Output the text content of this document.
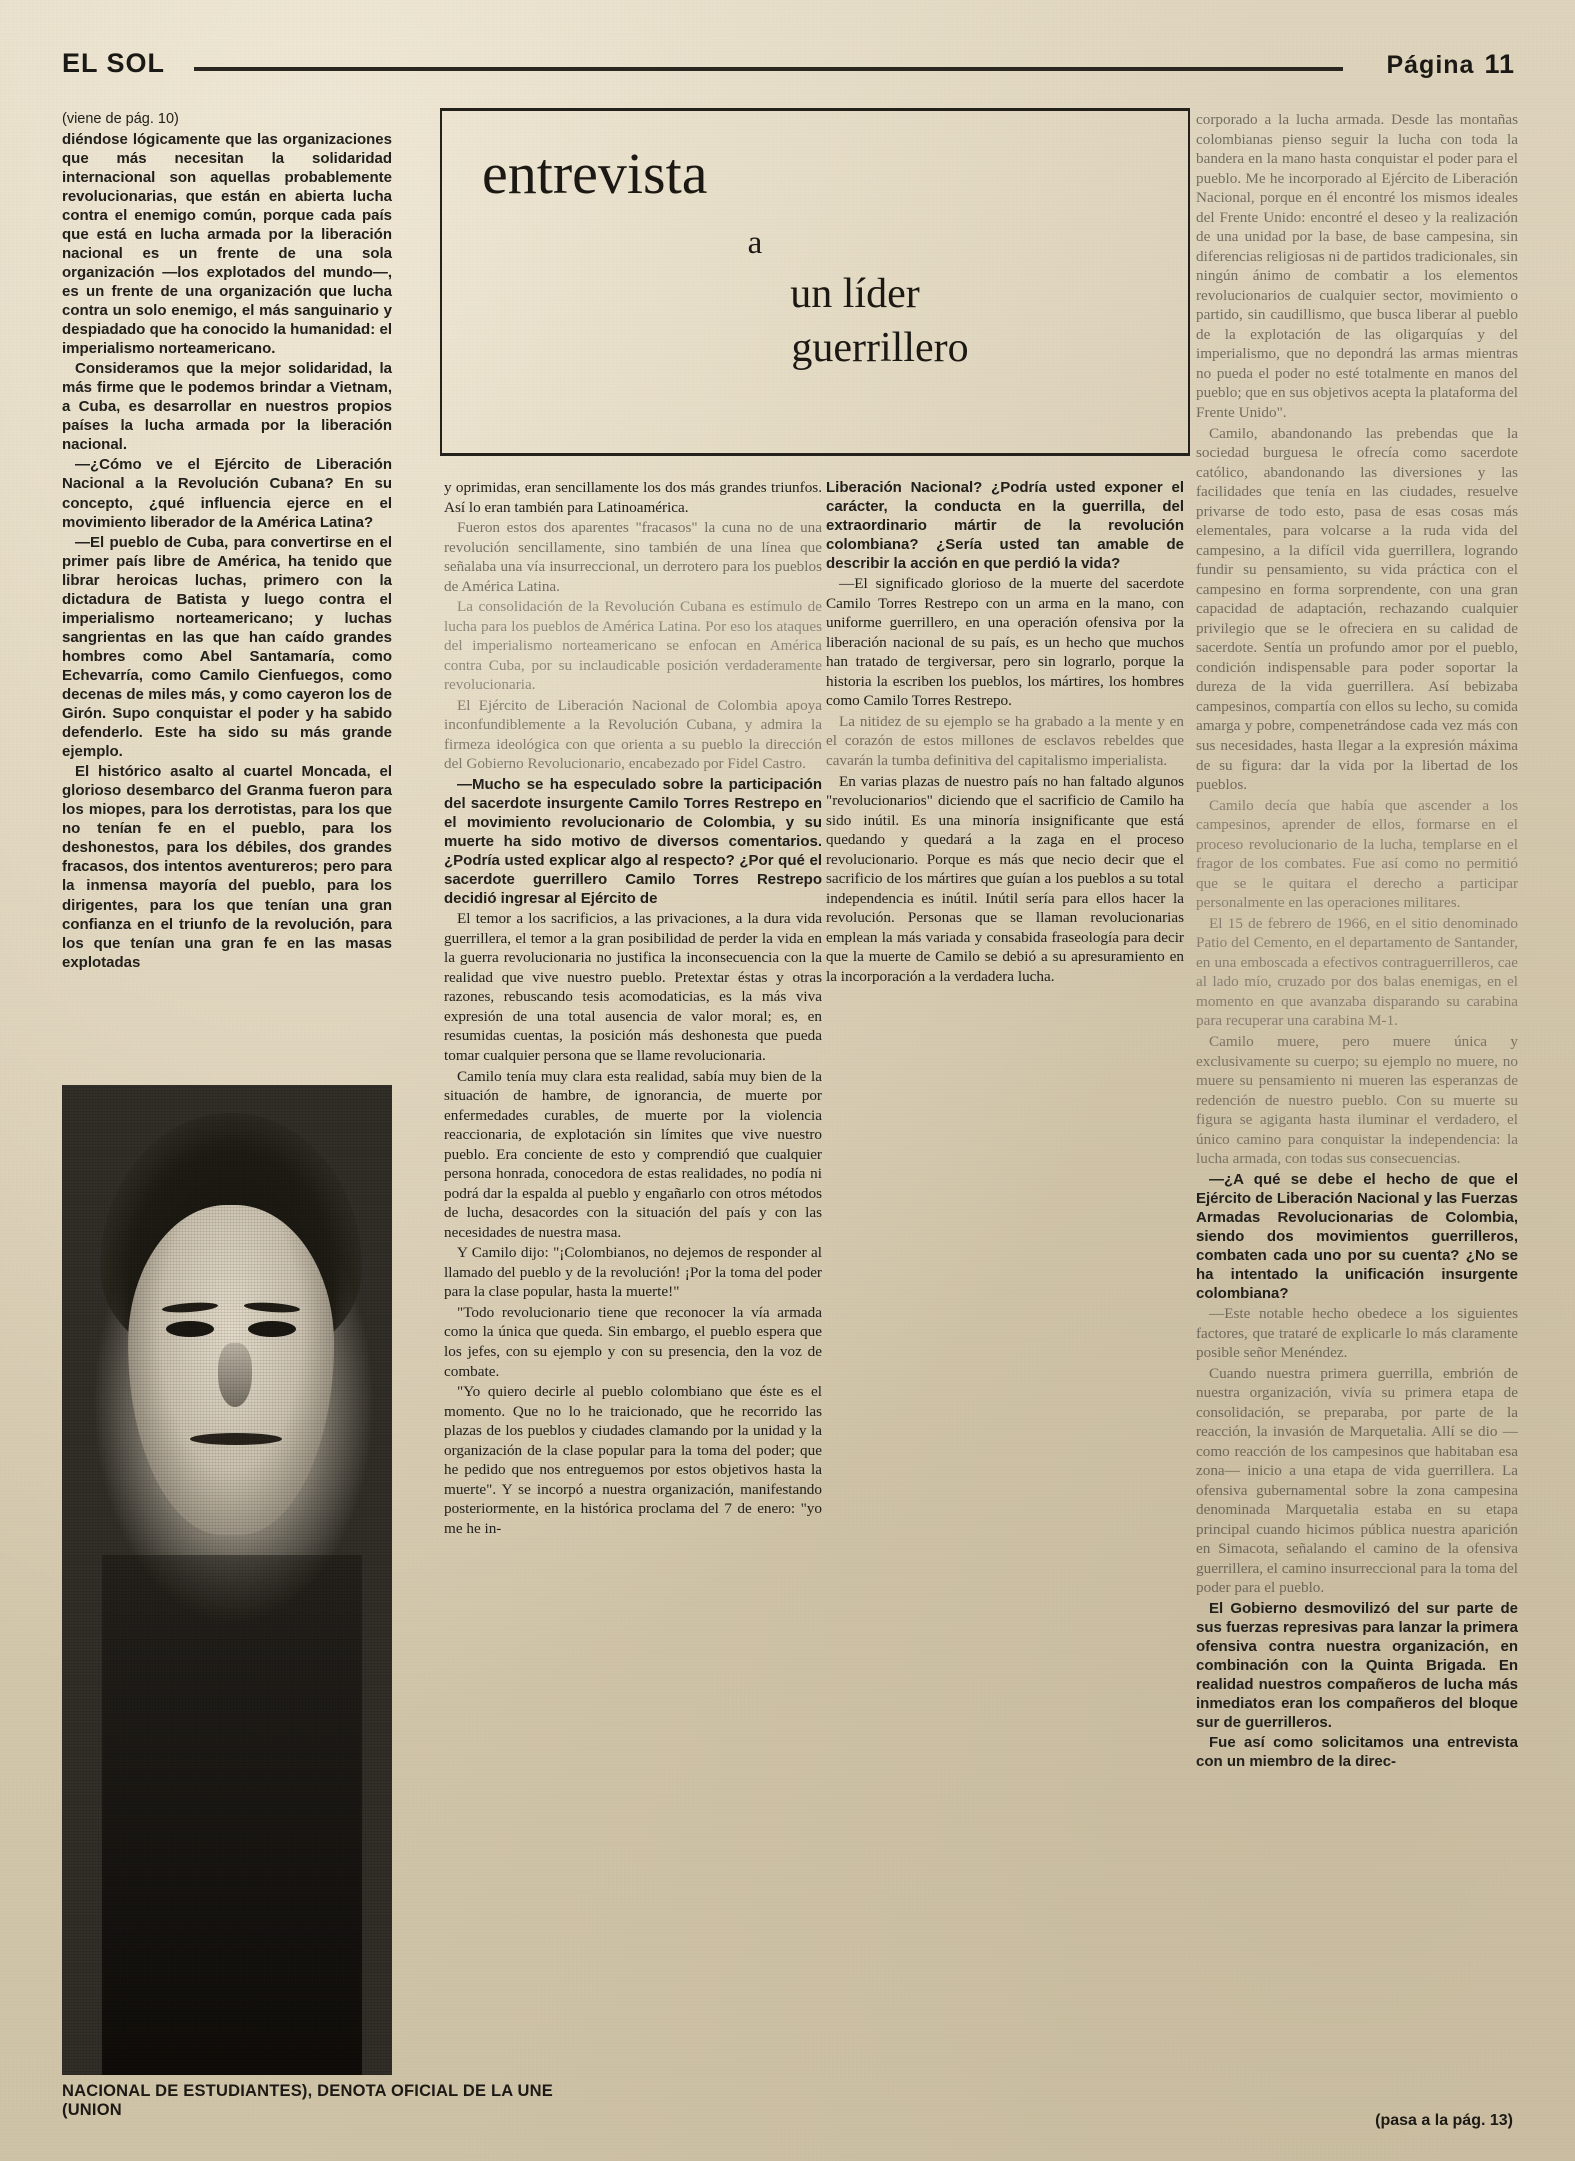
EL SOL	Página 11
entrevista
a
un líder
guerrillero

(viene de pág. 10)

diéndose lógicamente que las organizaciones que más necesitan la solidaridad internacional son aquellas probablemente revolucionarias, que están en abierta lucha contra el enemigo común, porque cada país que está en lucha armada por la liberación nacional es un frente de una sola organización —los explotados del mundo—, es un frente de una organización que lucha contra un solo enemigo, el más sanguinario y despiadado que ha conocido la humanidad: el imperialismo norteamericano.

Consideramos que la mejor solidaridad, la más firme que le podemos brindar a Vietnam, a Cuba, es desarrollar en nuestros propios países la lucha armada por la liberación nacional.

—¿Cómo ve el Ejército de Liberación Nacional a la Revolución Cubana? En su concepto, ¿qué influencia ejerce en el movimiento liberador de la América Latina?

—El pueblo de Cuba, para convertirse en el primer país libre de América, ha tenido que librar heroicas luchas, primero con la dictadura de Batista y luego contra el imperialismo norteamericano; y luchas sangrientas en las que han caído grandes hombres como Abel Santamaría, como Echevarría, como Camilo Cienfuegos, como decenas de miles más, y como cayeron los de Girón. Supo conquistar el poder y ha sabido defenderlo. Este ha sido su más grande ejemplo.

El histórico asalto al cuartel Moncada, el glorioso desembarco del Granma fueron para los miopes, para los derrotistas, para los que no tenían fe en el pueblo, para los deshonestos, para los débiles, dos grandes fracasos, dos intentos aventureros; pero para la inmensa mayoría del pueblo, para los dirigentes, para los que tenían una gran confianza en el triunfo de la revolución, para los que tenían una gran fe en las masas explotadas

y oprimidas, eran sencillamente los dos más grandes triunfos. Así lo eran también para Latinoamérica.

Fueron estos dos aparentes "fracasos" la cuna no de una revolución sencillamente, sino también de una línea que señalaba una vía insurreccional, un derrotero para los pueblos de América Latina.

La consolidación de la Revolución Cubana es estímulo de lucha para los pueblos de América Latina. Por eso los ataques del imperialismo norteamericano se enfocan en América contra Cuba, por su inclaudicable posición verdaderamente revolucionaria.

El Ejército de Liberación Nacional de Colombia apoya inconfundiblemente a la Revolución Cubana, y admira la firmeza ideológica con que orienta a su pueblo la dirección del Gobierno Revolucionario, encabezado por Fidel Castro.

—Mucho se ha especulado sobre la participación del sacerdote insurgente Camilo Torres Restrepo en el movimiento revolucionario de Colombia, y su muerte ha sido motivo de diversos comentarios. ¿Podría usted explicar algo al respecto? ¿Por qué el sacerdote guerrillero Camilo Torres Restrepo decidió ingresar al Ejército de

El temor a los sacrificios, a las privaciones, a la dura vida guerrillera, el temor a la gran posibilidad de perder la vida en la guerra revolucionaria no justifica la inconsecuencia con la realidad que vive nuestro pueblo. Pretextar éstas y otras razones, rebuscando tesis acomodaticias, es la más viva expresión de una total ausencia de valor moral; es, en resumidas cuentas, la posición más deshonesta que pueda tomar cualquier persona que se llame revolucionaria.

Camilo tenía muy clara esta realidad, sabía muy bien de la situación de hambre, de ignorancia, de muerte por enfermedades curables, de muerte por la violencia reaccionaria, de explotación sin límites que vive nuestro pueblo. Era conciente de esto y comprendió que cualquier persona honrada, conocedora de estas realidades, no podía ni podrá dar la espalda al pueblo y engañarlo con otros métodos de lucha, desacordes con la situación del país y con las necesidades de nuestra masa.

Y Camilo dijo: "¡Colombianos, no dejemos de responder al llamado del pueblo y de la revolución! ¡Por la toma del poder para la clase popular, hasta la muerte!"

"Todo revolucionario tiene que reconocer la vía armada como la única que queda. Sin embargo, el pueblo espera que los jefes, con su ejemplo y con su presencia, den la voz de combate.

"Yo quiero decirle al pueblo colombiano que éste es el momento. Que no lo he traicionado, que he recorrido las plazas de los pueblos y ciudades clamando por la unidad y la organización de la clase popular para la toma del poder; que he pedido que nos entreguemos por estos objetivos hasta la muerte". Y se incorpó a nuestra organización, manifestando posteriormente, en la histórica proclama del 7 de enero: "yo me he in-

Liberación Nacional? ¿Podría usted exponer el carácter, la conducta en la guerrilla, del extraordinario mártir de la revolución colombiana? ¿Sería usted tan amable de describir la acción en que perdió la vida?

—El significado glorioso de la muerte del sacerdote Camilo Torres Restrepo con un arma en la mano, con uniforme guerrillero, en una operación ofensiva por la liberación nacional de su país, es un hecho que muchos han tratado de tergiversar, pero sin lograrlo, porque la historia la escriben los pueblos, los mártires, los hombres como Camilo Torres Restrepo.

La nitidez de su ejemplo se ha grabado a la mente y en el corazón de estos millones de esclavos rebeldes que cavarán la tumba definitiva del capitalismo imperialista.

En varias plazas de nuestro país no han faltado algunos "revolucionarios" diciendo que el sacrificio de Camilo ha sido inútil. Es una minoría insignificante que está quedando y quedará a la zaga en el proceso revolucionario. Porque es más que necio decir que el sacrificio de los mártires que guían a los pueblos a su total independencia es inútil. Inútil sería para ellos hacer la revolución. Personas que se llaman revolucionarias emplean la más variada y consabida fraseología para decir que la muerte de Camilo se debió a su apresuramiento en la incorporación a la verdadera lucha.

corporado a la lucha armada. Desde las montañas colombianas pienso seguir la lucha con toda la bandera en la mano hasta conquistar el poder para el pueblo. Me he incorporado al Ejército de Liberación Nacional, porque en él encontré los mismos ideales del Frente Unido: encontré el deseo y la realización de una unidad por la base, de base campesina, sin diferencias religiosas ni de partidos tradicionales, sin ningún ánimo de combatir a los elementos revolucionarios de cualquier sector, movimiento o partido, sin caudillismo, que busca liberar al pueblo de la explotación de las oligarquías y del imperialismo, que no depondrá las armas mientras no pueda el poder no esté totalmente en manos del pueblo; que en sus objetivos acepta la plataforma del Frente Unido".

Camilo, abandonando las prebendas que la sociedad burguesa le ofrecía como sacerdote católico, abandonando las diversiones y las facilidades que tenía en las ciudades, resuelve privarse de todo esto, pasa de esas cosas más elementales, para volcarse a la ruda vida del campesino, a la difícil vida guerrillera, logrando fundir su pensamiento, su vida práctica con el campesino en forma sorprendente, con una gran capacidad de adaptación, rechazando cualquier privilegio que se le ofreciera en su calidad de sacerdote. Sentía un profundo amor por el pueblo, condición indispensable para poder soportar la dureza de la vida guerrillera. Así bebizaba campesinos, compartía con ellos su lecho, su comida amarga y pobre, compenetrándose cada vez más con sus necesidades, hasta llegar a la expresión máxima de su figura: dar la vida por la libertad de los pueblos.

Camilo decía que había que ascender a los campesinos, aprender de ellos, formarse en el proceso revolucionario de la lucha, templarse en el fragor de los combates. Fue así como no permitió que se le quitara el derecho a participar personalmente en las operaciones militares.

El 15 de febrero de 1966, en el sitio denominado Patio del Cemento, en el departamento de Santander, en una emboscada a efectivos contraguerrilleros, cae al lado mío, cruzado por dos balas enemigas, en el momento en que avanzaba disparando su carabina para recuperar una carabina M-1.

Camilo muere, pero muere única y exclusivamente su cuerpo; su ejemplo no muere, no muere su pensamiento ni mueren las esperanzas de redención de nuestro pueblo. Con su muerte su figura se agiganta hasta iluminar el verdadero, el único camino para conquistar la independencia: la lucha armada, con todas sus consecuencias.

—¿A qué se debe el hecho de que el Ejército de Liberación Nacional y las Fuerzas Armadas Revolucionarias de Colombia, siendo dos movimientos guerrilleros, combaten cada uno por su cuenta? ¿No se ha intentado la unificación insurgente colombiana?

—Este notable hecho obedece a los siguientes factores, que trataré de explicarle lo más claramente posible señor Menéndez.

Cuando nuestra primera guerrilla, embrión de nuestra organización, vivía su primera etapa de consolidación, se preparaba, por parte de la reacción, la invasión de Marquetalia. Allí se dio —como reacción de los campesinos que habitaban esa zona— inicio a una etapa de vida guerrillera. La ofensiva gubernamental sobre la zona campesina denominada Marquetalia estaba en su etapa principal cuando hicimos pública nuestra aparición en Simacota, señalando el camino de la ofensiva guerrillera, el camino insurreccional para la toma del poder para el pueblo.

El Gobierno desmovilizó del sur parte de sus fuerzas represivas para lanzar la primera ofensiva contra nuestra organización, en combinación con la Quinta Brigada. En realidad nuestros compañeros de lucha más inmediatos eran los compañeros del bloque sur de guerrilleros.

Fue así como solicitamos una entrevista con un miembro de la direc-

NACIONAL DE ESTUDIANTES), DENOTA OFICIAL DE LA UNE (UNION
(pasa a la pág. 13)
